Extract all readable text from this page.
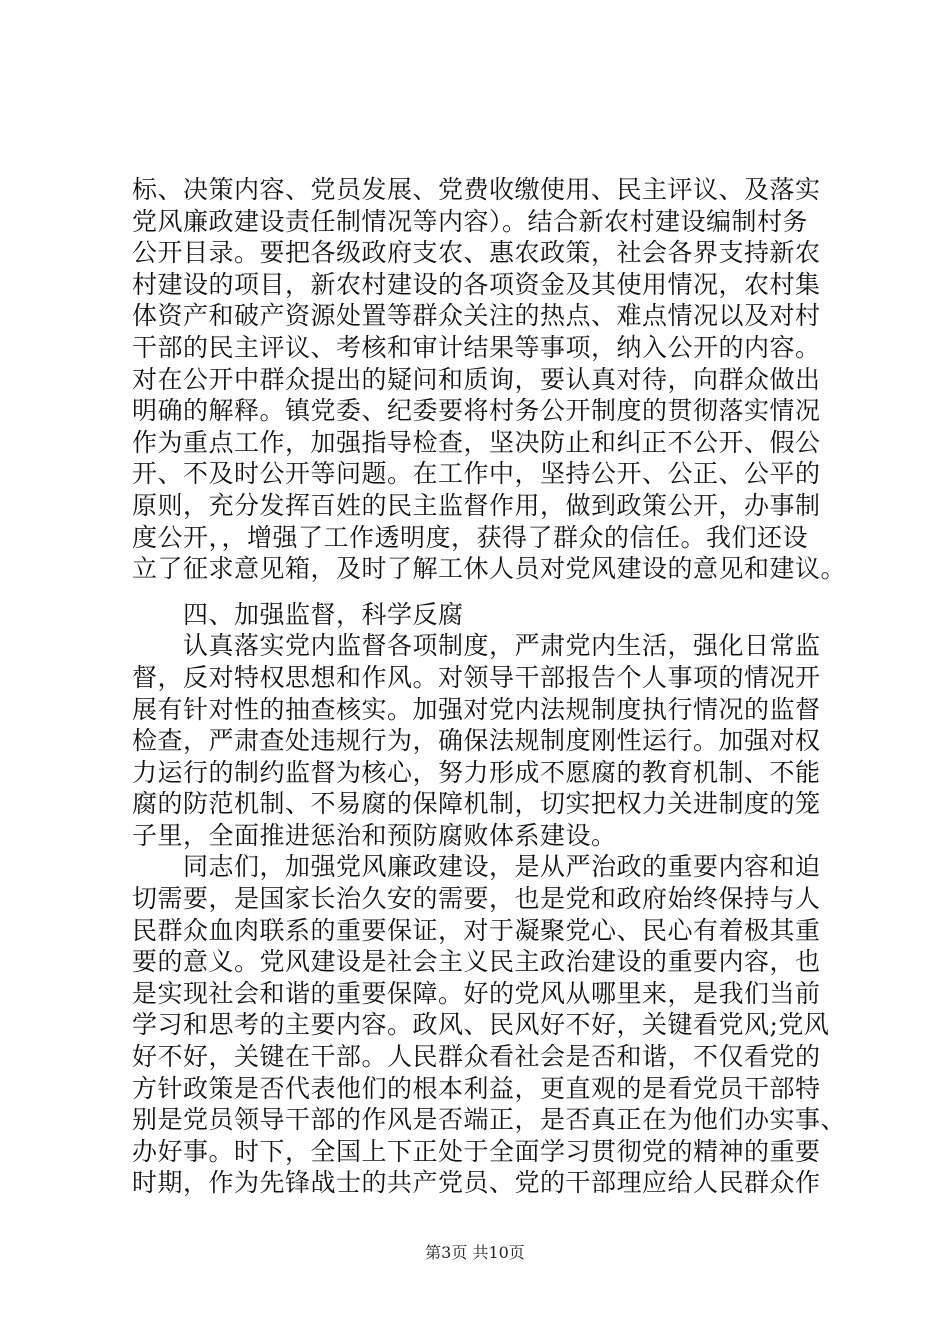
标、决策内容、党员发展、党费收缴使用、民主评议、及落实
党风廉政建设责任制情况等内容）。结合新农村建设编制村务
公开目录。要把各级政府支农、惠农政策，社会各界支持新农
村建设的项目，新农村建设的各项资金及其使用情况，农村集
体资产和破产资源处置等群众关注的热点、难点情况以及对村
干部的民主评议、考核和审计结果等事项，纳入公开的内容。
对在公开中群众提出的疑问和质询，要认真对待，向群众做出
明确的解释。镇党委、纪委要将村务公开制度的贯彻落实情况
作为重点工作，加强指导检查，坚决防止和纠正不公开、假公
开、不及时公开等问题。在工作中，坚持公开、公正、公平的
原则，充分发挥百姓的民主监督作用，做到政策公开，办事制
度公开，，增强了工作透明度，获得了群众的信任。我们还设
立了征求意见箱，及时了解工休人员对党风建设的意见和建议。
　　四、加强监督，科学反腐
　　认真落实党内监督各项制度，严肃党内生活，强化日常监
督，反对特权思想和作风。对领导干部报告个人事项的情况开
展有针对性的抽查核实。加强对党内法规制度执行情况的监督
检查，严肃查处违规行为，确保法规制度刚性运行。加强对权
力运行的制约监督为核心，努力形成不愿腐的教育机制、不能
腐的防范机制、不易腐的保障机制，切实把权力关进制度的笼
子里，全面推进惩治和预防腐败体系建设。
　　同志们，加强党风廉政建设，是从严治政的重要内容和迫
切需要，是国家长治久安的需要，也是党和政府始终保持与人
民群众血肉联系的重要保证，对于凝聚党心、民心有着极其重
要的意义。党风建设是社会主义民主政治建设的重要内容，也
是实现社会和谐的重要保障。好的党风从哪里来，是我们当前
学习和思考的主要内容。政风、民风好不好，关键看党风;党风
好不好，关键在干部。人民群众看社会是否和谐，不仅看党的
方针政策是否代表他们的根本利益，更直观的是看党员干部特
别是党员领导干部的作风是否端正，是否真正在为他们办实事、
办好事。时下，全国上下正处于全面学习贯彻党的精神的重要
时期，作为先锋战士的共产党员、党的干部理应给人民群众作
第3页 共10页
